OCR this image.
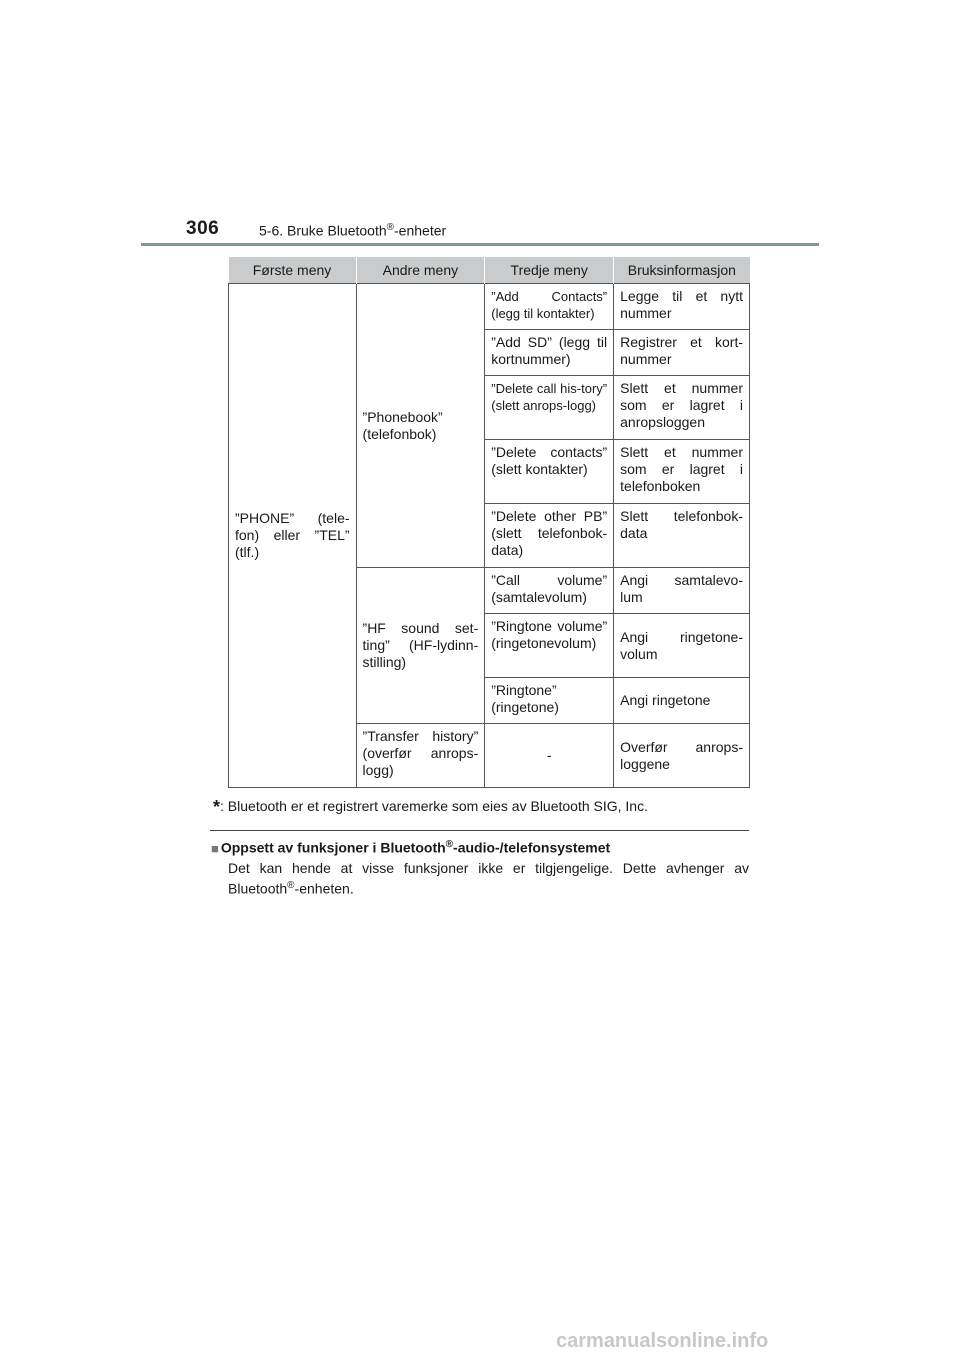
306	5-6. Bruke Bluetooth®-enheter
Første meny	Andre meny	Tredje meny	Bruksinformasjon
”PHONE” (tele-fon) eller ”TEL” (tlf.)	”Phonebook” (telefonbok)	”Add Contacts” (legg til kontakter)	Legge til et nytt nummer
		”Add SD” (legg til kortnummer)	Registrer et kort-nummer
		”Delete call his-tory” (slett anrops-logg)	Slett et nummer som er lagret i anropsloggen
		”Delete contacts” (slett kontakter)	Slett et nummer som er lagret i telefonboken
		”Delete other PB” (slett telefonbok-data)	Slett telefonbok-data
	”HF sound set-ting” (HF-lydinn-stilling)	”Call volume” (samtalevolum)	Angi samtalevo-lum
		”Ringtone volume” (ringetonevolum)	Angi ringetone-volum
		”Ringtone” (ringetone)	Angi ringetone
	”Transfer history” (overfør anrops-logg)	-	Overfør anrops-loggene
*: Bluetooth er et registrert varemerke som eies av Bluetooth SIG, Inc.
■ Oppsett av funksjoner i Bluetooth®-audio-/telefonsystemet
Det kan hende at visse funksjoner ikke er tilgjengelige. Dette avhenger av Bluetooth®-enheten.
carmanualsonline.info
